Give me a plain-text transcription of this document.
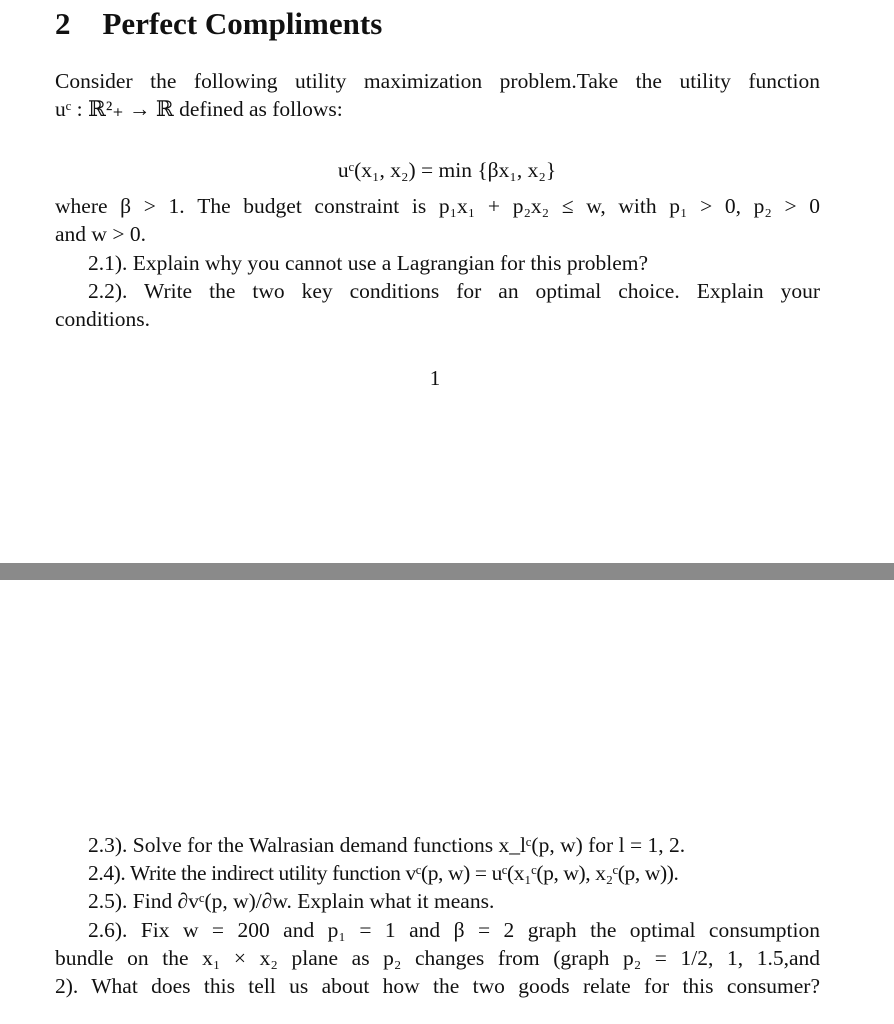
2 Perfect Compliments
Consider the following utility maximization problem.Take the utility function
uᶜ : ℝ²₊ → ℝ defined as follows:
uᶜ(x₁, x₂) = min {βx₁, x₂}
where β > 1. The budget constraint is p₁x₁ + p₂x₂ ≤ w, with p₁ > 0, p₂ > 0
and w > 0.
2.1). Explain why you cannot use a Lagrangian for this problem?
2.2). Write the two key conditions for an optimal choice. Explain your
conditions.
1
2.3). Solve for the Walrasian demand functions x_lᶜ(p, w) for l = 1, 2.
2.4). Write the indirect utility function vᶜ(p, w) = uᶜ(x₁ᶜ(p, w), x₂ᶜ(p, w)).
2.5). Find ∂vᶜ(p, w)/∂w. Explain what it means.
2.6). Fix w = 200 and p₁ = 1 and β = 2 graph the optimal consumption
bundle on the x₁ × x₂ plane as p₂ changes from (graph p₂ = 1/2, 1, 1.5,and
2). What does this tell us about how the two goods relate for this consumer?
